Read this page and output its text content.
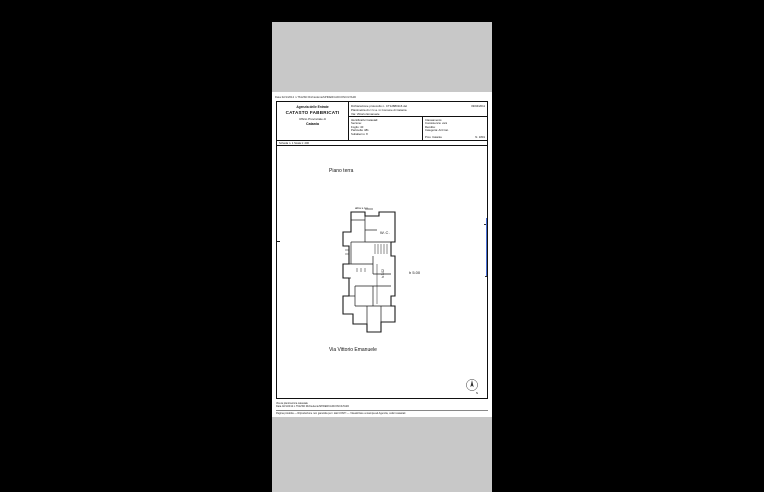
Data 02/1/2012 n.T612SD RichiedenteSPIDERCADCONCILTA2D
Agenzia delle Entrate
CATASTO FABBRICATI
Ufficio Provinciale di
Catania
Dichiarazione protocollo n. CT12880116 del
Planimetria di c.f.c.a. in Comune di Catania
Via: Vittorio Emanuele
09/04/2011
Identificativi Catastali:
Sezione:
Foglio: 40
Particella: 481
Subalterno: 8
Classamento:
Consistenza: vani
Rendita:
Categoria: A/4 Cat.
Prov. Catania	N. 1801
Scheda n. 1 Scala 1: 200
Piano terra
Via Vittorio Emanuele
altra s.l.m.
W.C.
h 5.00
h 3.02
N
Visura planimetrica catastale
Data 02/1/2012 n.T612SD RichiedenteSPIDERCADCONCILTA2D
Pagina prodotta — Riproduzione non garantita per i dati CONTI — Visualizzare a stampa ad Agenzia, codici catastali
